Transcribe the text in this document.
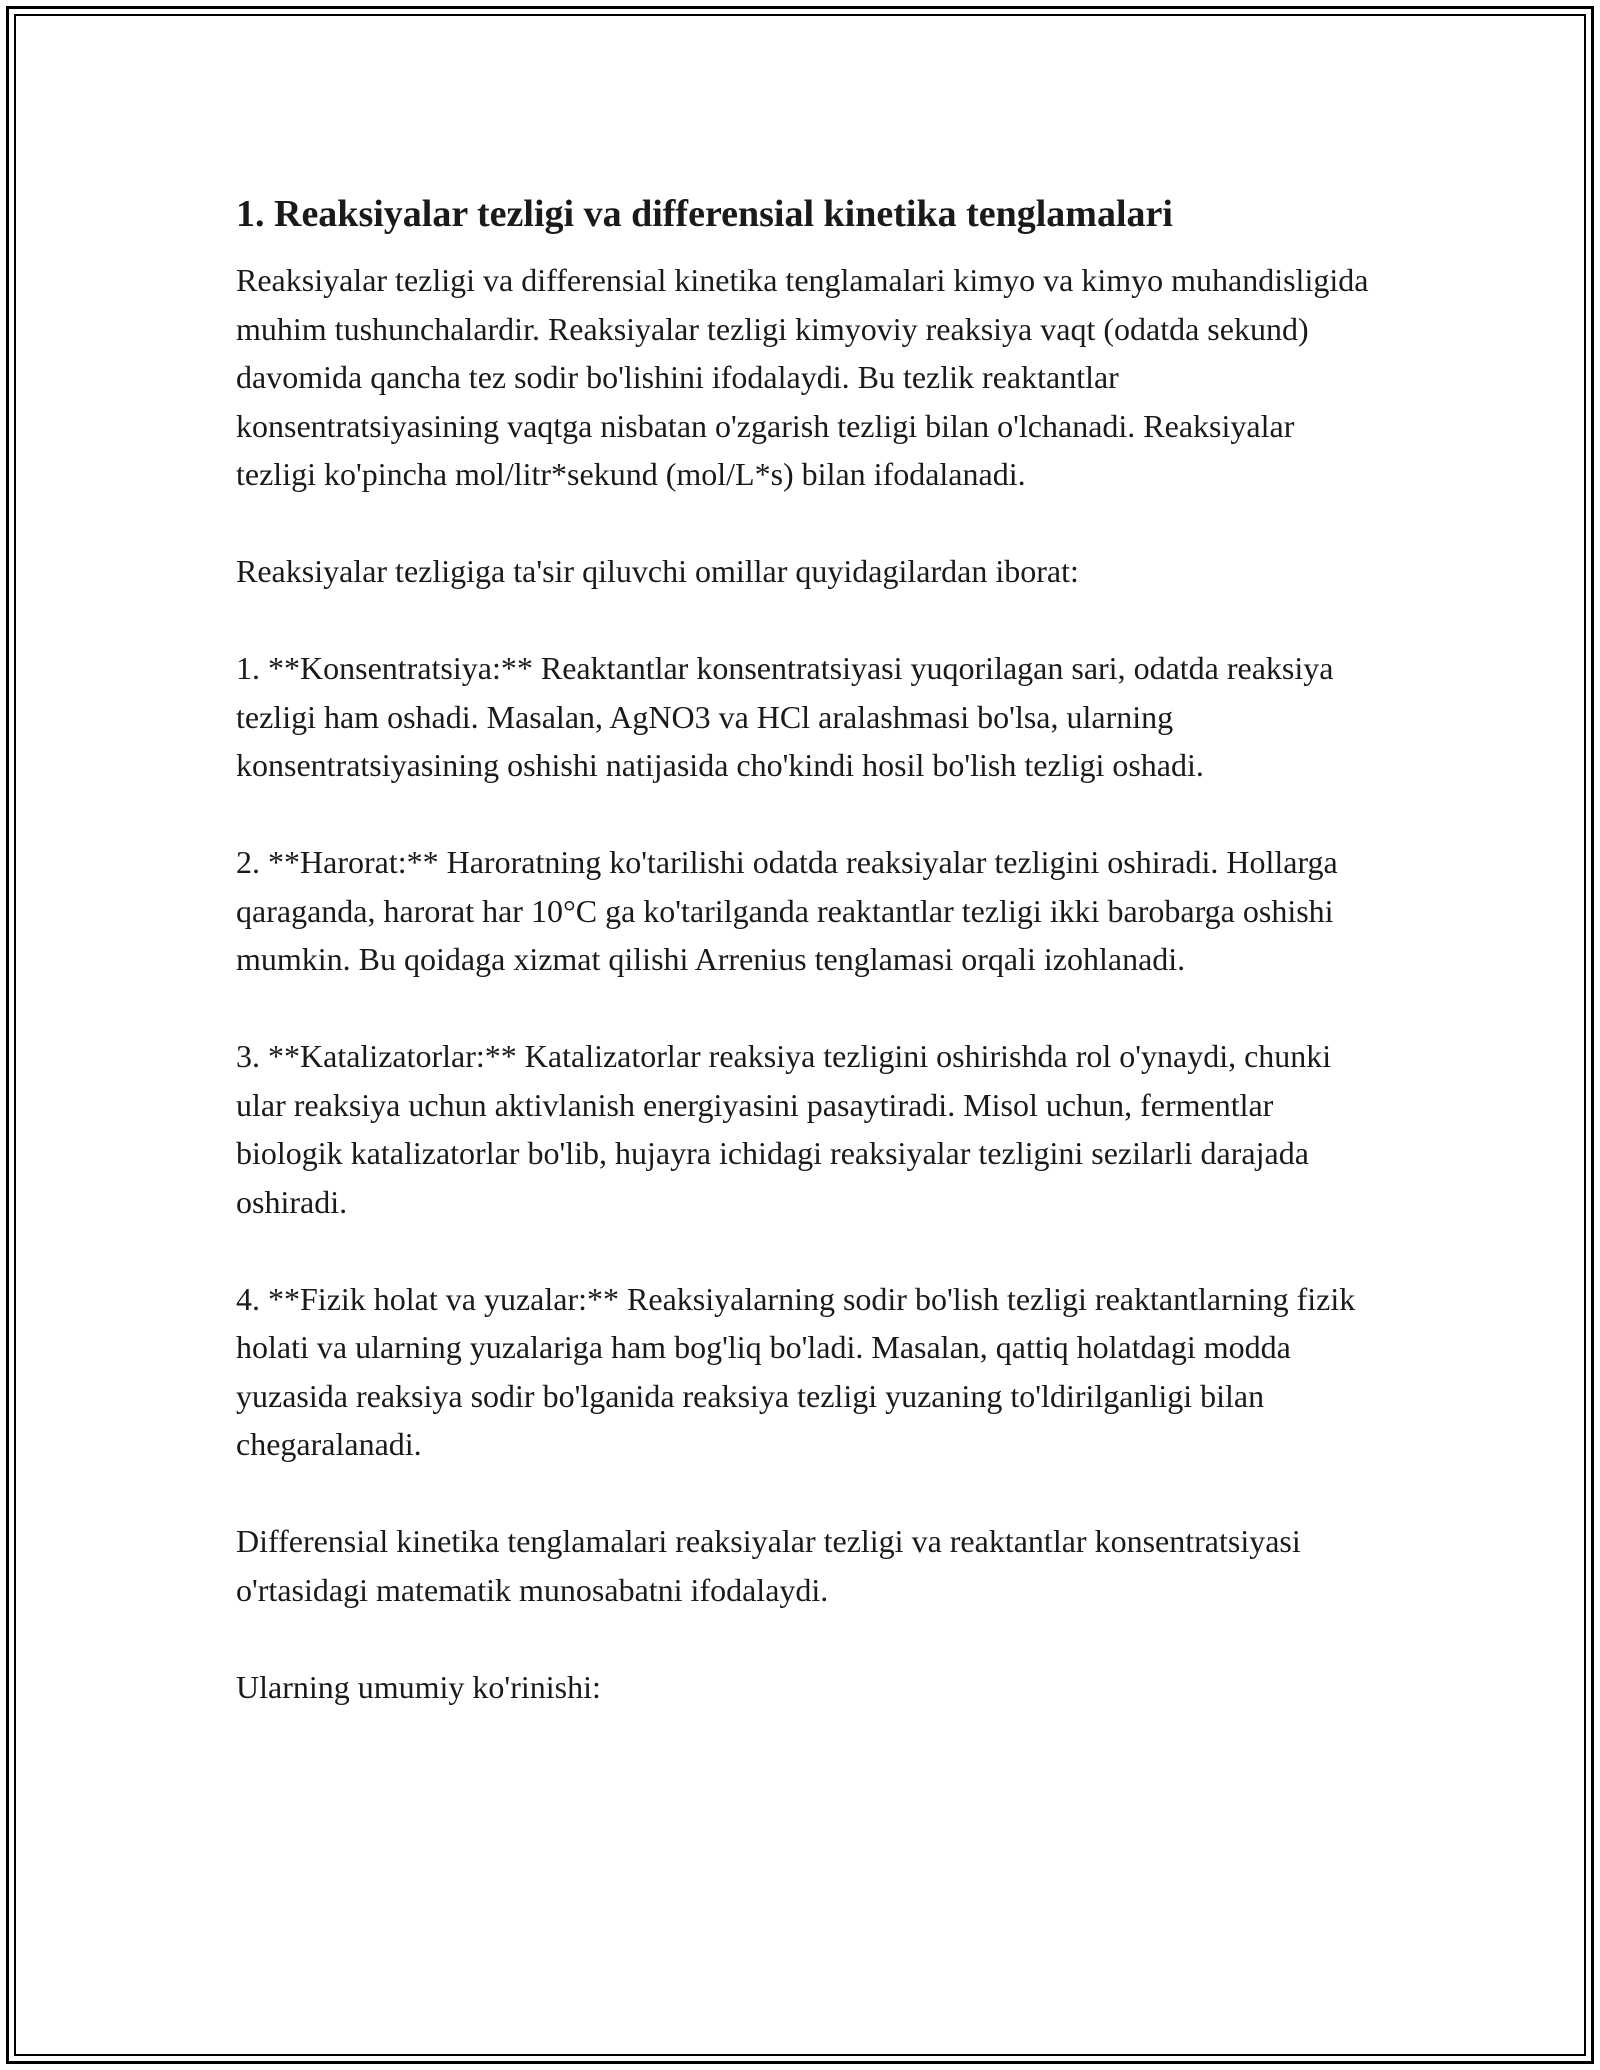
1. Reaksiyalar tezligi va differensial kinetika tenglamalari

Reaksiyalar tezligi va differensial kinetika tenglamalari kimyo va kimyo muhandisligida muhim tushunchalardir. Reaksiyalar tezligi kimyoviy reaksiya vaqt (odatda sekund) davomida qancha tez sodir bo'lishini ifodalaydi. Bu tezlik reaktantlar konsentratsiyasining vaqtga nisbatan o'zgarish tezligi bilan o'lchanadi. Reaksiyalar tezligi ko'pincha mol/litr*sekund (mol/L*s) bilan ifodalanadi.

Reaksiyalar tezligiga ta'sir qiluvchi omillar quyidagilardan iborat:

1. **Konsentratsiya:** Reaktantlar konsentratsiyasi yuqorilagan sari, odatda reaksiya tezligi ham oshadi. Masalan, AgNO3 va HCl aralashmasi bo'lsa, ularning konsentratsiyasining oshishi natijasida cho'kindi hosil bo'lish tezligi oshadi.

2. **Harorat:** Haroratning ko'tarilishi odatda reaksiyalar tezligini oshiradi. Hollarga qaraganda, harorat har 10°C ga ko'tarilganda reaktantlar tezligi ikki barobarga oshishi mumkin. Bu qoidaga xizmat qilishi Arrenius tenglamasi orqali izohlanadi.

3. **Katalizatorlar:** Katalizatorlar reaksiya tezligini oshirishda rol o'ynaydi, chunki ular reaksiya uchun aktivlanish energiyasini pasaytiradi. Misol uchun, fermentlar biologik katalizatorlar bo'lib, hujayra ichidagi reaksiyalar tezligini sezilarli darajada oshiradi.

4. **Fizik holat va yuzalar:** Reaksiyalarning sodir bo'lish tezligi reaktantlarning fizik holati va ularning yuzalariga ham bog'liq bo'ladi. Masalan, qattiq holatdagi modda yuzasida reaksiya sodir bo'lganida reaksiya tezligi yuzaning to'ldirilganligi bilan chegaralanadi.

Differensial kinetika tenglamalari reaksiyalar tezligi va reaktantlar konsentratsiyasi o'rtasidagi matematik munosabatni ifodalaydi.

Ularning umumiy ko'rinishi:
